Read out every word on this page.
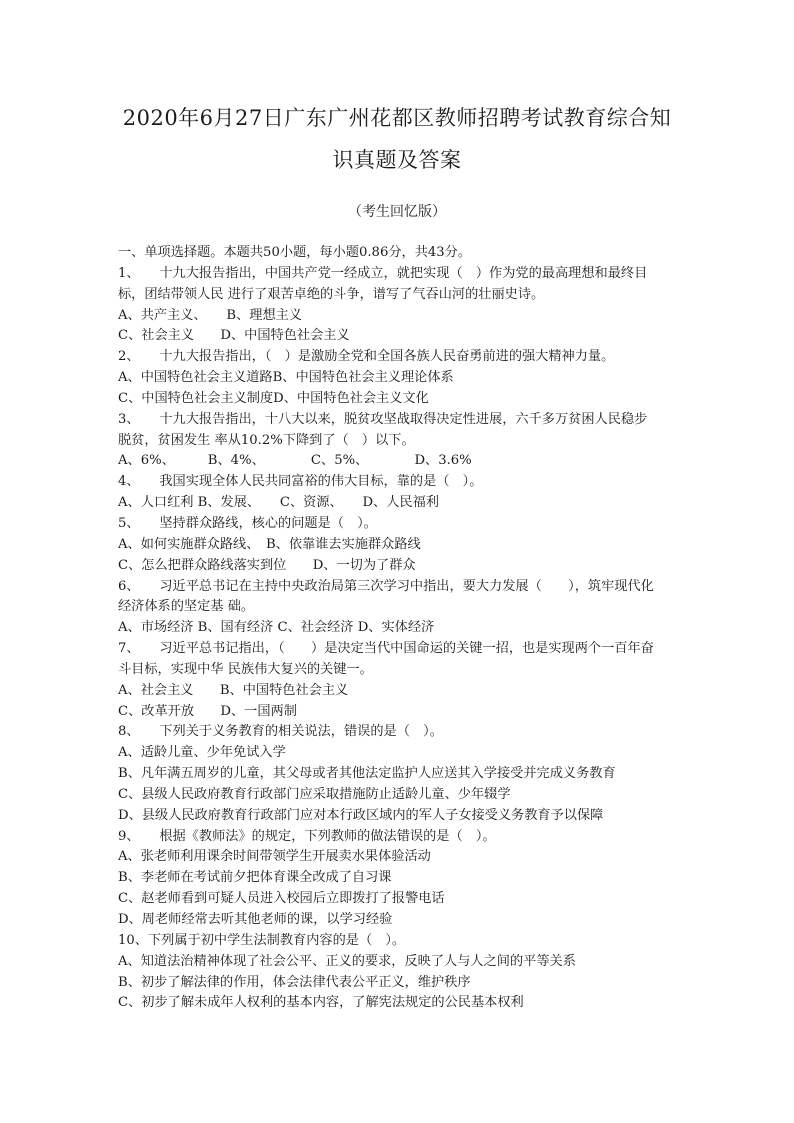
2020年6月27日广东广州花都区教师招聘考试教育综合知
识真题及答案
（考生回忆版）
一、单项选择题。本题共50小题，每小题0.86分，共43分。
1、　　十九大报告指出，中国共产党一经成立，就把实现（　）作为党的最高理想和最终目
标，团结带领人民 进行了艰苦卓绝的斗争，谱写了气吞山河的壮丽史诗。
A、共产主义、　　B、理想主义
C、社会主义　　D、中国特色社会主义
2、　　十九大报告指出，（　）是激励全党和全国各族人民奋勇前进的强大精神力量。
A、中国特色社会主义道路B、中国特色社会主义理论体系
C、中国特色社会主义制度D、中国特色社会主义文化
3、　　十九大报告指出，十八大以来，脱贫攻坚战取得决定性进展，六千多万贫困人民稳步
脱贫，贫困发生 率从10.2%下降到了（　）以下。
A、6%、　　　B、4%、　　　　C、5%、　　　　D、3.6%
4、　　我国实现全体人民共同富裕的伟大目标，靠的是（　）。
A、人口红利 B、发展、　　C、资源、　　D、人民福利
5、　　坚持群众路线，核心的问题是（　）。
A、如何实施群众路线、　B、依靠谁去实施群众路线
C、怎么把群众路线落实到位　　D、一切为了群众
6、　　习近平总书记在主持中央政治局第三次学习中指出，要大力发展（　　），筑牢现代化
经济体系的坚定基 础。
A、市场经济 B、国有经济 C、社会经济 D、实体经济
7、　　习近平总书记指出，（　　）是决定当代中国命运的关键一招，也是实现两个一百年奋
斗目标，实现中华 民族伟大复兴的关键一。
A、社会主义　　B、中国特色社会主义
C、改革开放　　D、一国两制
8、　　下列关于义务教育的相关说法，错误的是（　）。
A、适龄儿童、少年免试入学
B、凡年满五周岁的儿童，其父母或者其他法定监护人应送其入学接受并完成义务教育
C、县级人民政府教育行政部门应采取措施防止适龄儿童、少年辍学
D、县级人民政府教育行政部门应对本行政区域内的军人子女接受义务教育予以保障
9、　　根据《教师法》的规定，下列教师的做法错误的是（　）。
A、张老师利用课余时间带领学生开展卖水果体验活动
B、李老师在考试前夕把体育课全改成了自习课
C、赵老师看到可疑人员进入校园后立即拨打了报警电话
D、周老师经常去听其他老师的课，以学习经验
10、下列属于初中学生法制教育内容的是（　）。
A、知道法治精神体现了社会公平、正义的要求，反映了人与人之间的平等关系
B、初步了解法律的作用，体会法律代表公平正义，维护秩序
C、初步了解未成年人权利的基本内容，了解宪法规定的公民基本权利
